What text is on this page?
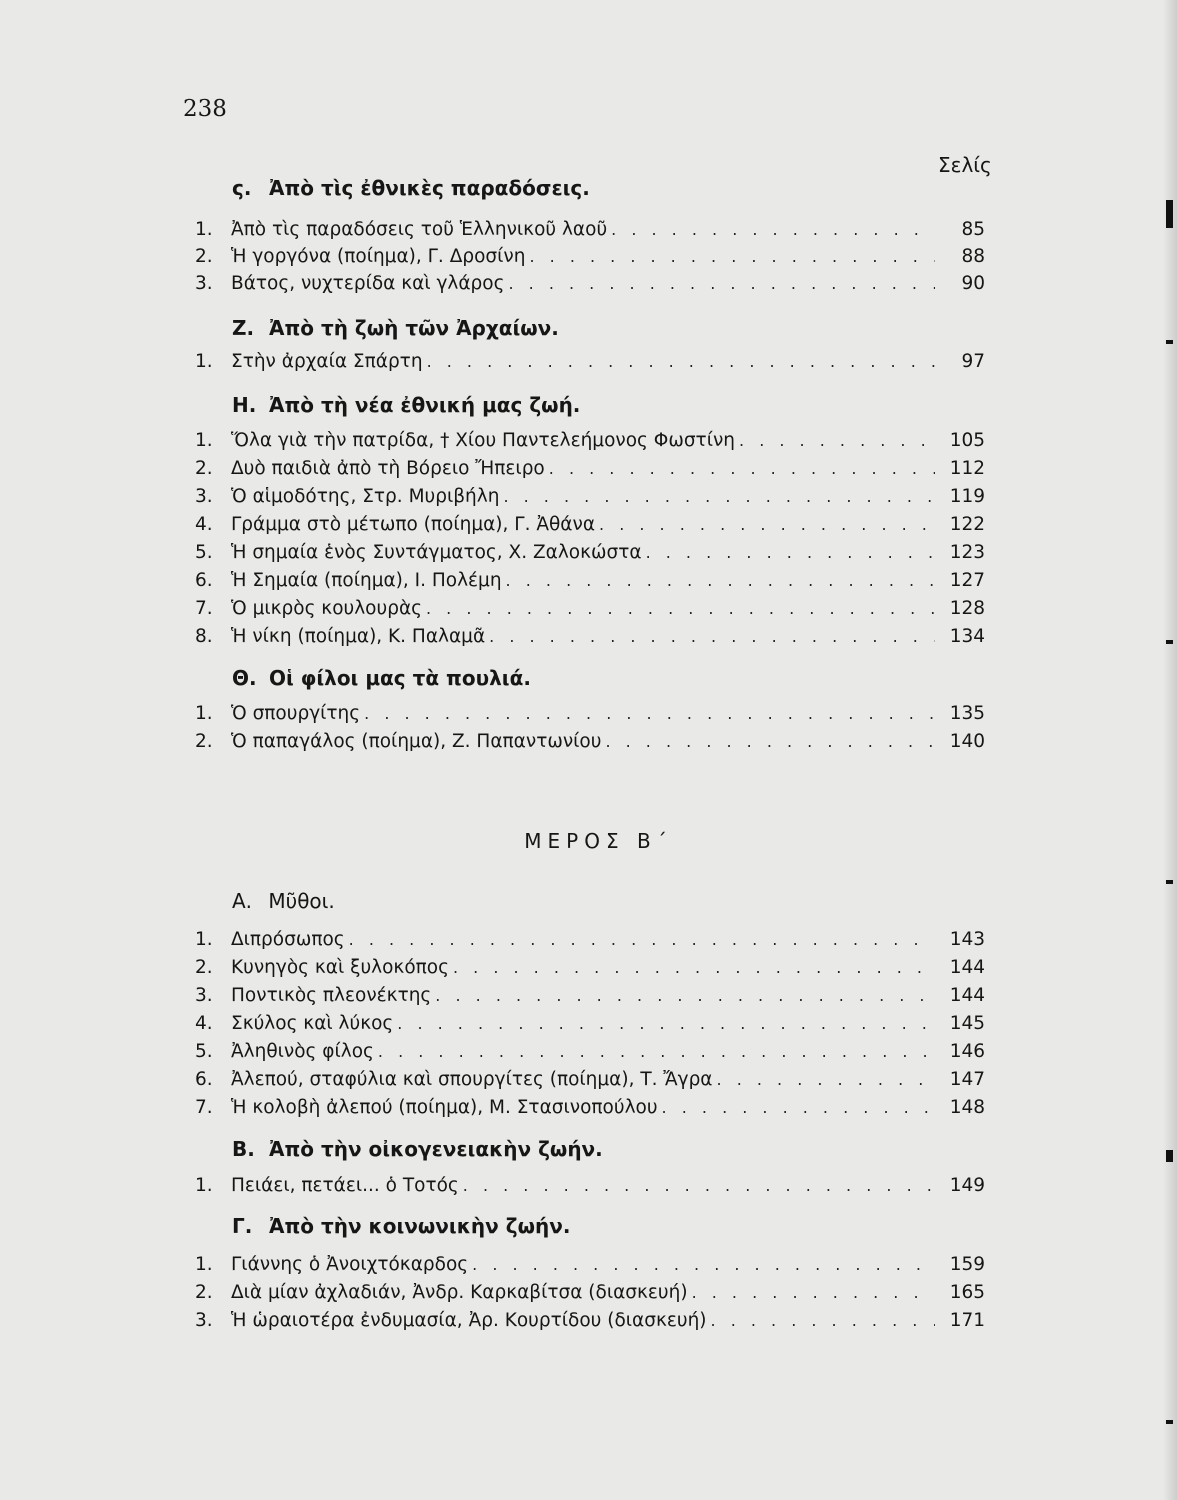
238
Σελίς
ς. Ἀπὸ τὶς ἐθνικὲς παραδόσεις.
1. Ἀπὸ τὶς παραδόσεις τοῦ Ἑλληνικοῦ λαοῦ . . .	85
2. Ἡ γοργόνα (ποίημα), Γ. Δροσίνη . . .	88
3. Βάτος, νυχτερίδα καὶ γλάρος . . .	90
Ζ. Ἀπὸ τὴ ζωὴ τῶν Ἀρχαίων.
1. Στὴν ἀρχαία Σπάρτη . . .	97
Η. Ἀπὸ τὴ νέα ἐθνική μας ζωή.
1. Ὅλα γιὰ τὴν πατρίδα, † Χίου Παντελεήμονος Φωστίνη . . .	105
2. Δυὸ παιδιὰ ἀπὸ τὴ Βόρειο Ἤπειρο . . .	112
3. Ὁ αἱμοδότης, Στρ. Μυριβήλη . . .	119
4. Γράμμα στὸ μέτωπο (ποίημα), Γ. Ἀθάνα . . .	122
5. Ἡ σημαία ἑνὸς Συντάγματος, Χ. Ζαλοκώστα . . .	123
6. Ἡ Σημαία (ποίημα), Ι. Πολέμη . . .	127
7. Ὁ μικρὸς κουλουρὰς . . .	128
8. Ἡ νίκη (ποίημα), Κ. Παλαμᾶ . . .	134
Θ. Οἱ φίλοι μας τὰ πουλιά.
1. Ὁ σπουργίτης . . .	135
2. Ὁ παπαγάλος (ποίημα), Ζ. Παπαντωνίου . . .	140
ΜΕΡΟΣ Β΄
Α. Μῦθοι.
1. Διπρόσωπος . . .	143
2. Κυνηγὸς καὶ ξυλοκόπος . . .	144
3. Ποντικὸς πλεονέκτης . . .	144
4. Σκύλος καὶ λύκος . . .	145
5. Ἀληθινὸς φίλος . . .	146
6. Ἀλεπού, σταφύλια καὶ σπουργίτες (ποίημα), Τ. Ἄγρα . . .	147
7. Ἡ κολοβὴ ἀλεπού (ποίημα), Μ. Στασινοπούλου . . .	148
Β. Ἀπὸ τὴν οἰκογενειακὴν ζωήν.
1. Πειάει, πετάει... ὁ Τοτός . . .	149
Γ. Ἀπὸ τὴν κοινωνικὴν ζωήν.
1. Γιάννης ὁ Ἀνοιχτόκαρδος . . .	159
2. Διὰ μίαν ἀχλαδιάν, Ἀνδρ. Καρκαβίτσα (διασκευή) . . .	165
3. Ἡ ὡραιοτέρα ἐνδυμασία, Ἀρ. Κουρτίδου (διασκευή) . . .	171
